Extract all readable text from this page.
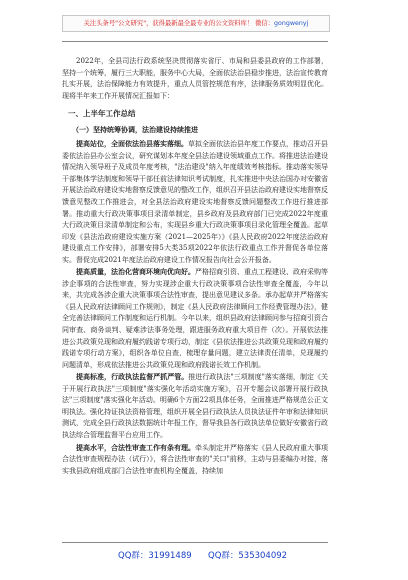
关注头条号"公文研究"，获得最新最全最专业的公文资料库！ 微信：gongwenyj

2022年，全县司法行政系统坚决贯彻落实省厅、市局和县委县政府的工作部署，坚持一个统筹，履行三大职能，服务中心大局，全面依法治县稳步推进，法治宣传教育扎实开展，法治保障能力有效提升，重点人员管控规范有序，法律服务质效明显优化。现将半年来工作开展情况汇报如下：

一、上半年工作总结
（一）坚持统筹协调，法治建设持续推进

提高站位，全面依法治县落实落细。草拟全面依法治县年度工作要点，推动召开县委依法治县办公室会议，研究谋划本年度全县法治建设领域重点工作。将推进法治建设情况纳入领导班子及成员年度考核，"法治建设"纳入年度绩效考核指标。推动落实领导干部集体学法制度和领导干部任前法律知识考试制度，扎实推进中央法治国办对安徽省开展法治政府建设实地督察反馈意见的整改工作，组织召开县法治政府建设实地督察反馈意见整改工作推进会，对全县法治政府建设实地督察反馈问题整改工作进行推进部署。推动重大行政决策事项目录清单制定，县乡政府及县政府部门已完成2022年度重大行政决策目录清单制定和公布，实现县乡重大行政决策事项目录化管理全覆盖。起草印发《县法治政府建设实施方案（2021—2025年）》《县人民政府2022年度法治政府建设重点工作安排》，部署安排5大类35项2022年依法行政重点工作并督促各单位落实。督促完成2021年度法治政府建设工作情况报告向社会公开报备。

提高质量，法治化营商环境向优向好。严格招商引资、重点工程建设、政府采购等涉企事项的合法性审查，努力实现涉企重大行政决策事项合法性审查全覆盖，今年以来，共完成各涉企重大决策事项合法性审查，提出意见建议多条。承办起草并严格落实《县人民政府法律顾问工作规则》，制定《县人民政府法律顾问工作经费管理办法》，健全完善法律顾问工作制度和运行机制。今年以来，组织县政府法律顾问参与招商引资合同审查、商务谈判、疑难涉法事务处理，跟进服务政府重大项目件（次）。开展依法推进公共政策兑现和政府履约践诺专项行动，制定《县依法推进公共政策兑现和政府履约践诺专项行动方案》，组织各单位自查，梳理存量问题，建立法律责任清单，兑现履约问题清单，形成依法推进公共政策兑现和政府践诺长效工作机制。

提高标准，行政执法监督严抓严管。推进行政执法"三项制度"落实落细，制定《关于开展行政执法"三项制度"落实强化年活动实施方案》，召开专题会议部署开展行政执法"三项制度"落实强化年活动。明确6个方面22项具体任务，全面推进严格规范公正文明执法。强化持证执法资格管理，组织开展全县行政执法人员执法证件年审和法律知识测试，完成全县行政执法数据统计年报工作，督导我县各行政执法单位做好安徽省行政执法综合管理监督平台应用工作。

提高水平，合法性审查工作有条有理。牵头制定并严格落实《县人民政府重大事项合法性审查规程办法（试行）》，将合法性审查的"关口"前移，主动与县委编办对接，落实我县政府组成部门合法性审查机构全覆盖，持续加

QQ群：31991489 QQ群：535304092
